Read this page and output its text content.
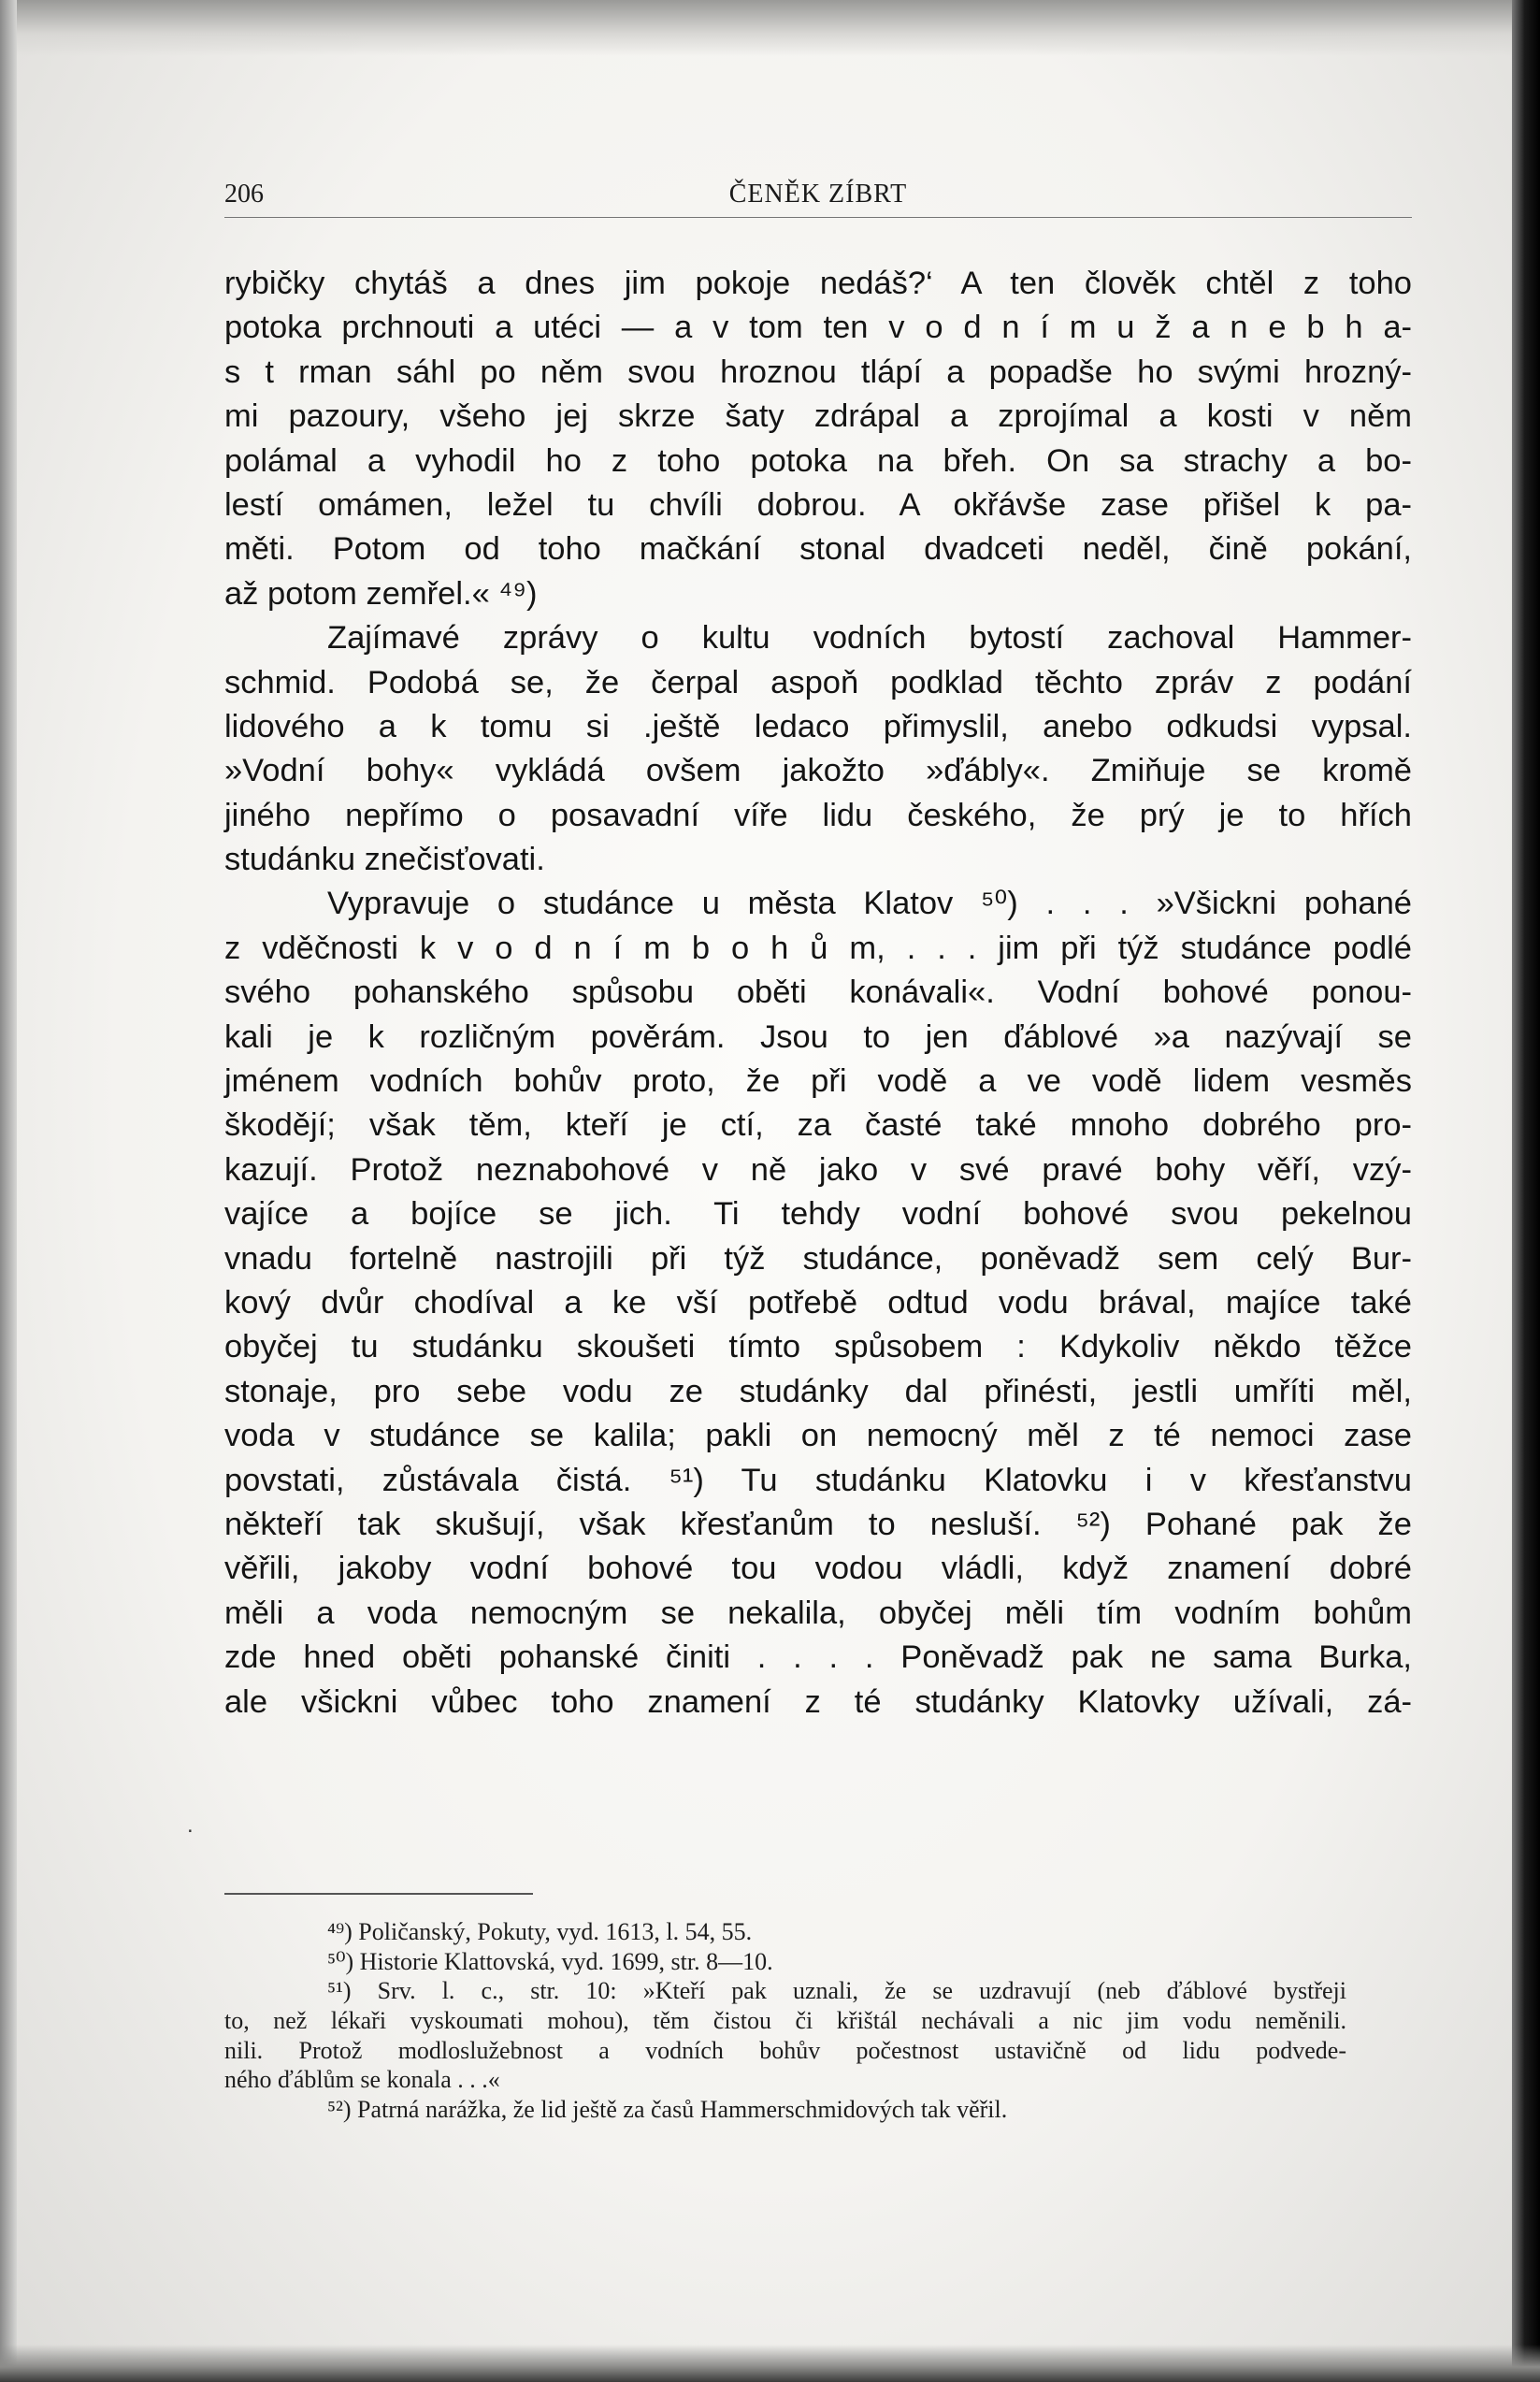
206	ČENĚK ZÍBRT
rybičky chytáš a dnes jim pokoje nedáš?‘ A ten člověk chtěl z toho
potoka prchnouti a utéci — a v tom ten v o d n í m u ž a n e b h a-
s t rman sáhl po něm svou hroznou tlápí a popadše ho svými hrozný-
mi pazoury, všeho jej skrze šaty zdrápal a zprojímal a kosti v něm
polámal a vyhodil ho z toho potoka na břeh. On sa strachy a bo-
lestí omámen, ležel tu chvíli dobrou. A okřávše zase přišel k pa-
měti. Potom od toho mačkání stonal dvadceti neděl, čině pokání,
až potom zemřel.« ⁴⁹)
Zajímavé zprávy o kultu vodních bytostí zachoval Hammer-
schmid. Podobá se, že čerpal aspoň podklad těchto zpráv z podání
lidového a k tomu si .ještě ledaco přimyslil, anebo odkudsi vypsal.
»Vodní bohy« vykládá ovšem jakožto »ďábly«. Zmiňuje se kromě
jiného nepřímo o posavadní víře lidu českého, že prý je to hřích
studánku znečisťovati.
Vypravuje o studánce u města Klatov ⁵⁰) . . . »Všickni pohané
z vděčnosti k v o d n í m b o h ů m, . . . jim při týž studánce podlé
svého pohanského spůsobu oběti konávali«. Vodní bohové ponou-
kali je k rozličným pověrám. Jsou to jen ďáblové »a nazývají se
jménem vodních bohův proto, že při vodě a ve vodě lidem vesměs
škodějí; však těm, kteří je ctí, za časté také mnoho dobrého pro-
kazují. Protož neznabohové v ně jako v své pravé bohy věří, vzý-
vajíce a bojíce se jich. Ti tehdy vodní bohové svou pekelnou
vnadu fortelně nastrojili při týž studánce, poněvadž sem celý Bur-
kový dvůr chodíval a ke vší potřebě odtud vodu brával, majíce také
obyčej tu studánku skoušeti tímto spůsobem : Kdykoliv někdo těžce
stonaje, pro sebe vodu ze studánky dal přinésti, jestli umříti měl,
voda v studánce se kalila; pakli on nemocný měl z té nemoci zase
povstati, zůstávala čistá. ⁵¹) Tu studánku Klatovku i v křesťanstvu
někteří tak skušují, však křesťanům to nesluší. ⁵²) Pohané pak že
věřili, jakoby vodní bohové tou vodou vládli, když znamení dobré
měli a voda nemocným se nekalila, obyčej měli tím vodním bohům
zde hned oběti pohanské činiti . . . . Poněvadž pak ne sama Burka,
ale všickni vůbec toho znamení z té studánky Klatovky užívali, zá-
⁴⁹) Poličanský, Pokuty, vyd. 1613, l. 54, 55.
⁵⁰) Historie Klattovská, vyd. 1699, str. 8—10.
⁵¹) Srv. l. c., str. 10: »Kteří pak uznali, že se uzdravují (neb ďáblové bystřeji
to, než lékaři vyskoumati mohou), těm čistou či křištál nechávali a nic jim vodu neměnili.
nili. Protož modloslužebnost a vodních bohův počestnost ustavičně od lidu podvede-
ného ďáblům se konala . . .«
⁵²) Patrná narážka, že lid ještě za časů Hammerschmidových tak věřil.
.
